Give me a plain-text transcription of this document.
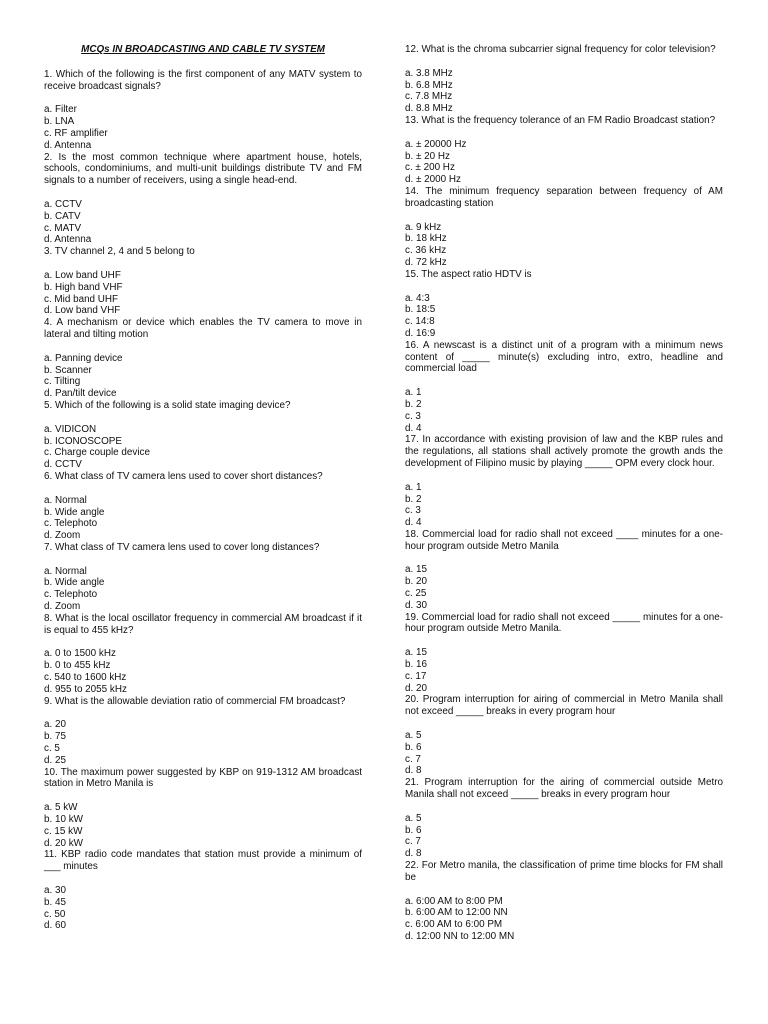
MCQs IN BROADCASTING AND CABLE TV SYSTEM

1. Which of the following is the first component of any MATV system to receive broadcast signals?

a. Filter
b. LNA
c. RF amplifier
d. Antenna

2. Is the most common technique where apartment house, hotels, schools, condominiums, and multi-unit buildings distribute TV and FM signals to a number of receivers, using a single head-end.

a. CCTV
b. CATV
c. MATV
d. Antenna

3. TV channel 2, 4 and 5 belong to

a. Low band UHF
b. High band VHF
c. Mid band UHF
d. Low band VHF

4. A mechanism or device which enables the TV camera to move in lateral and tilting motion

a. Panning device
b. Scanner
c. Tilting
d. Pan/tilt device

5. Which of the following is a solid state imaging device?

a. VIDICON
b. ICONOSCOPE
c. Charge couple device
d. CCTV

6. What class of TV camera lens used to cover short distances?

a. Normal
b. Wide angle
c. Telephoto
d. Zoom

7. What class of TV camera lens used to cover long distances?

a. Normal
b. Wide angle
c. Telephoto
d. Zoom

8. What is the local oscillator frequency in commercial AM broadcast if it is equal to 455 kHz?

a. 0 to 1500 kHz
b. 0 to 455 kHz
c. 540 to 1600 kHz
d. 955 to 2055 kHz

9. What is the allowable deviation ratio of commercial FM broadcast?

a. 20
b. 75
c. 5
d. 25

10. The maximum power suggested by KBP on 919-1312 AM broadcast station in Metro Manila is

a. 5 kW
b. 10 kW
c. 15 kW
d. 20 kW

11. KBP radio code mandates that station must provide a minimum of ___ minutes

a. 30
b. 45
c. 50
d. 60

12. What is the chroma subcarrier signal frequency for color television?

a. 3.8 MHz
b. 6.8 MHz
c. 7.8 MHz
d. 8.8 MHz

13. What is the frequency tolerance of an FM Radio Broadcast station?

a. ± 20000 Hz
b. ± 20 Hz
c. ± 200 Hz
d. ± 2000 Hz

14. The minimum frequency separation between frequency of AM broadcasting station

a. 9 kHz
b. 18 kHz
c. 36 kHz
d. 72 kHz

15. The aspect ratio HDTV is

a. 4:3
b. 18:5
c. 14:8
d. 16:9

16. A newscast is a distinct unit of a program with a minimum news content of _____ minute(s) excluding intro, extro, headline and commercial load

a. 1
b. 2
c. 3
d. 4

17. In accordance with existing provision of law and the KBP rules and the regulations, all stations shall actively promote the growth ands the development of Filipino music by playing _____ OPM every clock hour.

a. 1
b. 2
c. 3
d. 4

18. Commercial load for radio shall not exceed ____ minutes for a one-hour program outside Metro Manila

a. 15
b. 20
c. 25
d. 30

19. Commercial load for radio shall not exceed _____ minutes for a one-hour program outside Metro Manila.

a. 15
b. 16
c. 17
d. 20

20. Program interruption for airing of commercial in Metro Manila shall not exceed _____ breaks in every program hour

a. 5
b. 6
c. 7
d. 8

21. Program interruption for the airing of commercial outside Metro Manila shall not exceed _____ breaks in every program hour

a. 5
b. 6
c. 7
d. 8

22. For Metro manila, the classification of prime time blocks for FM shall be

a. 6:00 AM to 8:00 PM
b. 6:00 AM to 12:00 NN
c. 6:00 AM to 6:00 PM
d. 12:00 NN to 12:00 MN
